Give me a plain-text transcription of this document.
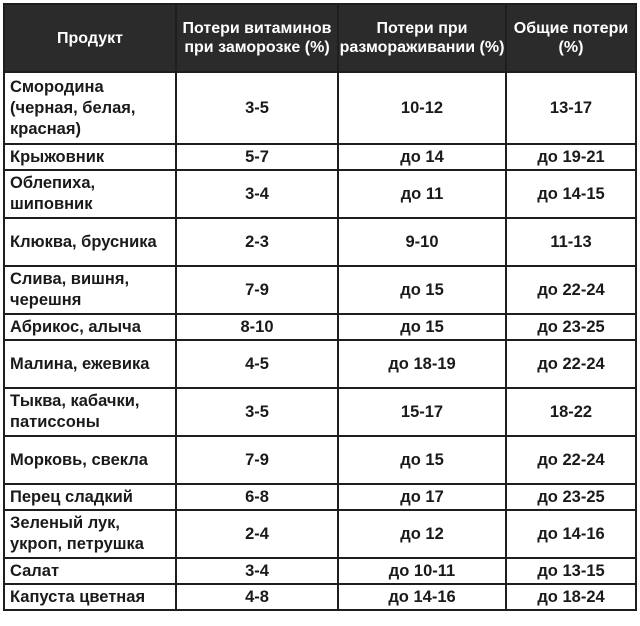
Продукт	Потери витаминов при заморозке (%)	Потери при размораживании (%)	Общие потери (%)
Смородина (черная, белая, красная)	3-5	10-12	13-17
Крыжовник	5-7	до 14	до 19-21
Облепиха, шиповник	3-4	до 11	до 14-15
Клюква, брусника	2-3	9-10	11-13
Слива, вишня, черешня	7-9	до 15	до 22-24
Абрикос, алыча	8-10	до 15	до 23-25
Малина, ежевика	4-5	до 18-19	до 22-24
Тыква, кабачки, патиссоны	3-5	15-17	18-22
Морковь, свекла	7-9	до 15	до 22-24
Перец сладкий	6-8	до 17	до 23-25
Зеленый лук, укроп, петрушка	2-4	до 12	до 14-16
Салат	3-4	до 10-11	до 13-15
Капуста цветная	4-8	до 14-16	до 18-24
